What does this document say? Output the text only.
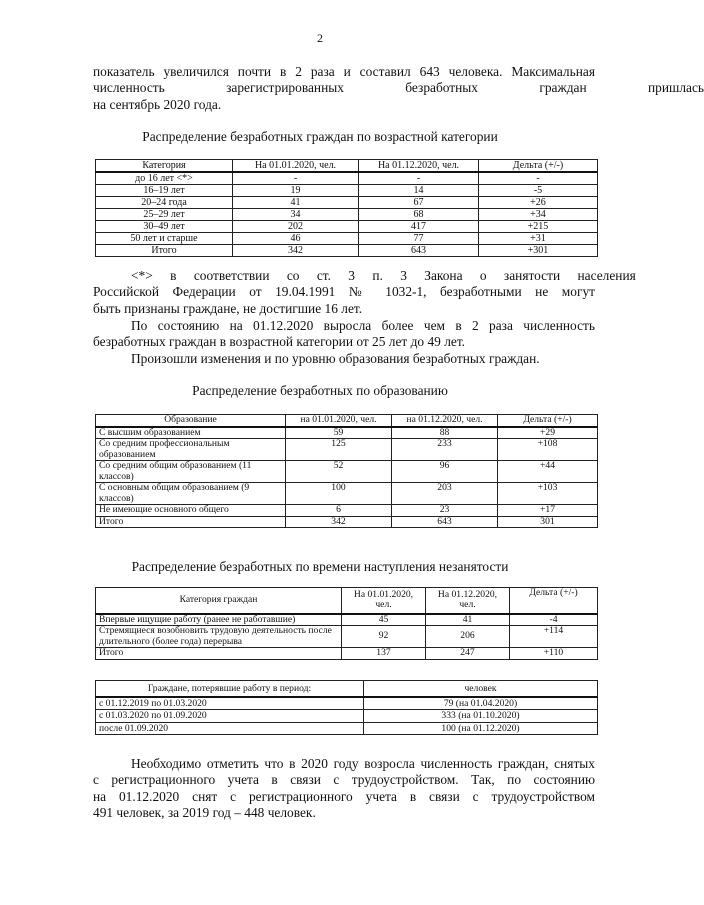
2
показатель увеличился почти в 2 раза и составил 643 человека. Максимальная
численность зарегистрированных безработных граждан пришлась
на сентябрь 2020 года.
Распределение безработных граждан по возрастной категории
Категория	На 01.01.2020, чел.	На 01.12.2020, чел.	Дельта (+/-)
до 16 лет <*>	-	-	-
16–19 лет	19	14	-5
20–24 года	41	67	+26
25–29 лет	34	68	+34
30–49 лет	202	417	+215
50 лет и старше	46	77	+31
Итого	342	643	+301
<*> в соответствии со ст. 3 п. 3 Закона о занятости населения
Российской Федерации от 19.04.1991 № 1032-1, безработными не могут
быть признаны граждане, не достигшие 16 лет.
По состоянию на 01.12.2020 выросла более чем в 2 раза численность
безработных граждан в возрастной категории от 25 лет до 49 лет.
Произошли изменения и по уровню образования безработных граждан.
Распределение безработных по образованию
Образование	на 01.01.2020, чел.	на 01.12.2020, чел.	Дельта (+/-)
С высшим образованием	59	88	+29
Со средним профессиональным образованием	125	233	+108
Со средним общим образованием (11 классов)	52	96	+44
С основным общим образованием (9 классов)	100	203	+103
Не имеющие основного общего	6	23	+17
Итого	342	643	301
Распределение безработных по времени наступления незанятости
Категория граждан	На 01.01.2020, чел.	На 01.12.2020, чел.	Дельта (+/-)
Впервые ищущие работу (ранее не работавшие)	45	41	-4
Стремящиеся возобновить трудовую деятельность после длительного (более года) перерыва	92	206	+114
Итого	137	247	+110
Граждане, потерявшие работу в период:	человек
с 01.12.2019 по 01.03.2020	79 (на 01.04.2020)
с 01.03.2020 по 01.09.2020	333 (на 01.10.2020)
после 01.09.2020	100 (на 01.12.2020)
Необходимо отметить что в 2020 году возросла численность граждан, снятых
с регистрационного учета в связи с трудоустройством. Так, по состоянию
на 01.12.2020 снят с регистрационного учета в связи с трудоустройством
491 человек, за 2019 год – 448 человек.
